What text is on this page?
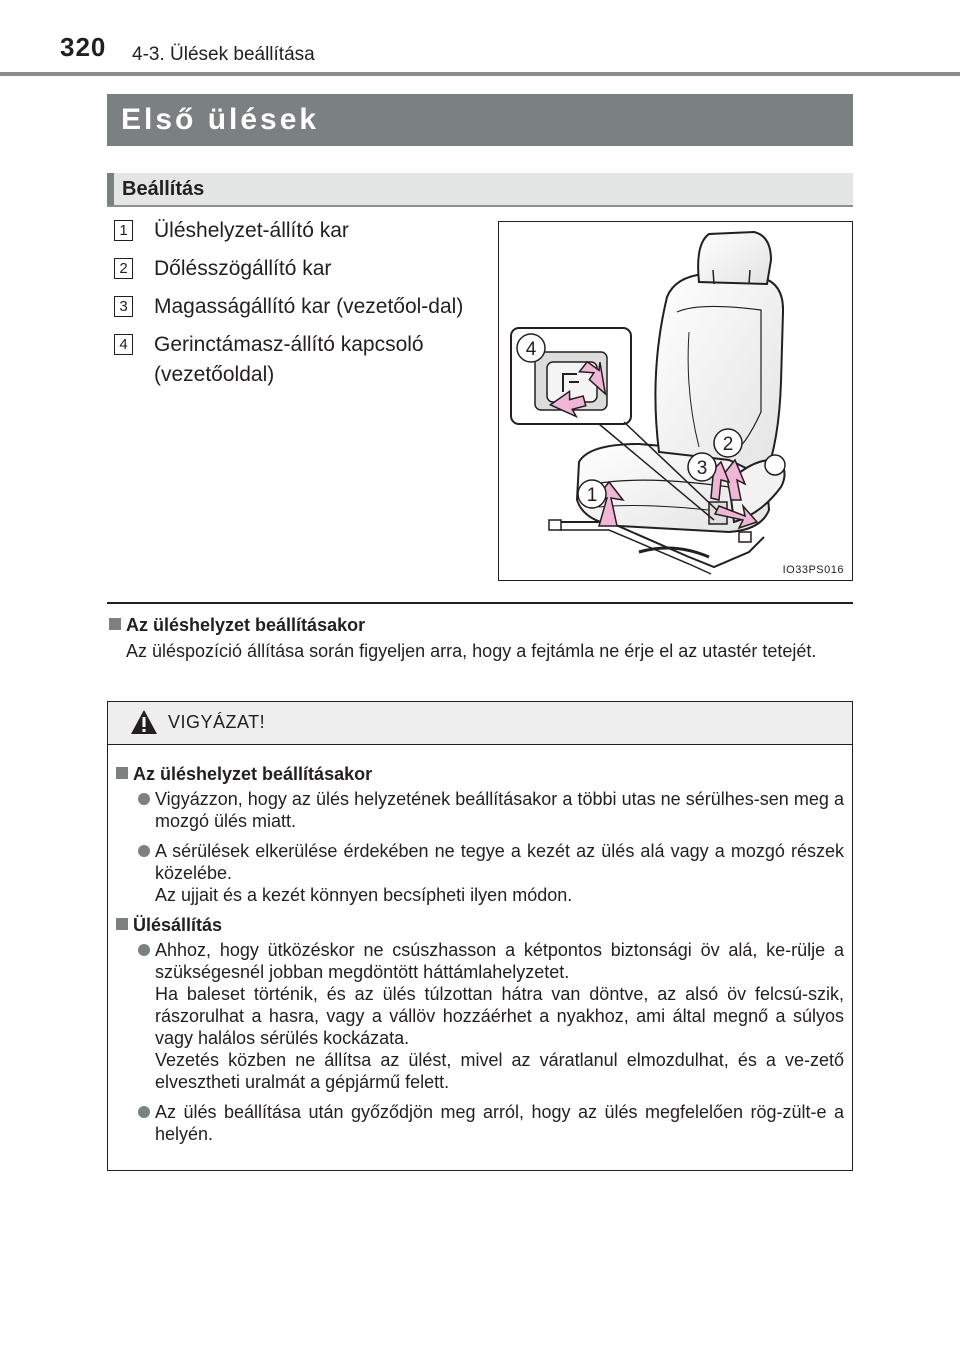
320 4-3. Ülések beállítása
Első ülések
Beállítás
1 Üléshelyzet-állító kar
2 Dőlésszögállító kar
3 Magasságállító kar (vezetőol-dal)
4 Gerinctámasz-állító kapcsoló (vezetőoldal)
1
2
3
4
IO33PS016
Az üléshelyzet beállításakor
Az üléspozíció állítása során figyeljen arra, hogy a fejtámla ne érje el az utastér tetejét.
VIGYÁZAT!
Az üléshelyzet beállításakor
Vigyázzon, hogy az ülés helyzetének beállításakor a többi utas ne sérülhes-sen meg a mozgó ülés miatt.
A sérülések elkerülése érdekében ne tegye a kezét az ülés alá vagy a mozgó részek közelébe.
Az ujjait és a kezét könnyen becsípheti ilyen módon.
Ülésállítás
Ahhoz, hogy ütközéskor ne csúszhasson a kétpontos biztonsági öv alá, ke-rülje a szükségesnél jobban megdöntött háttámlahelyzetet.
Ha baleset történik, és az ülés túlzottan hátra van döntve, az alsó öv felcsú-szik, rászorulhat a hasra, vagy a vállöv hozzáérhet a nyakhoz, ami által megnő a súlyos vagy halálos sérülés kockázata.
Vezetés közben ne állítsa az ülést, mivel az váratlanul elmozdulhat, és a ve-zető elvesztheti uralmát a gépjármű felett.
Az ülés beállítása után győződjön meg arról, hogy az ülés megfelelően rög-zült-e a helyén.
